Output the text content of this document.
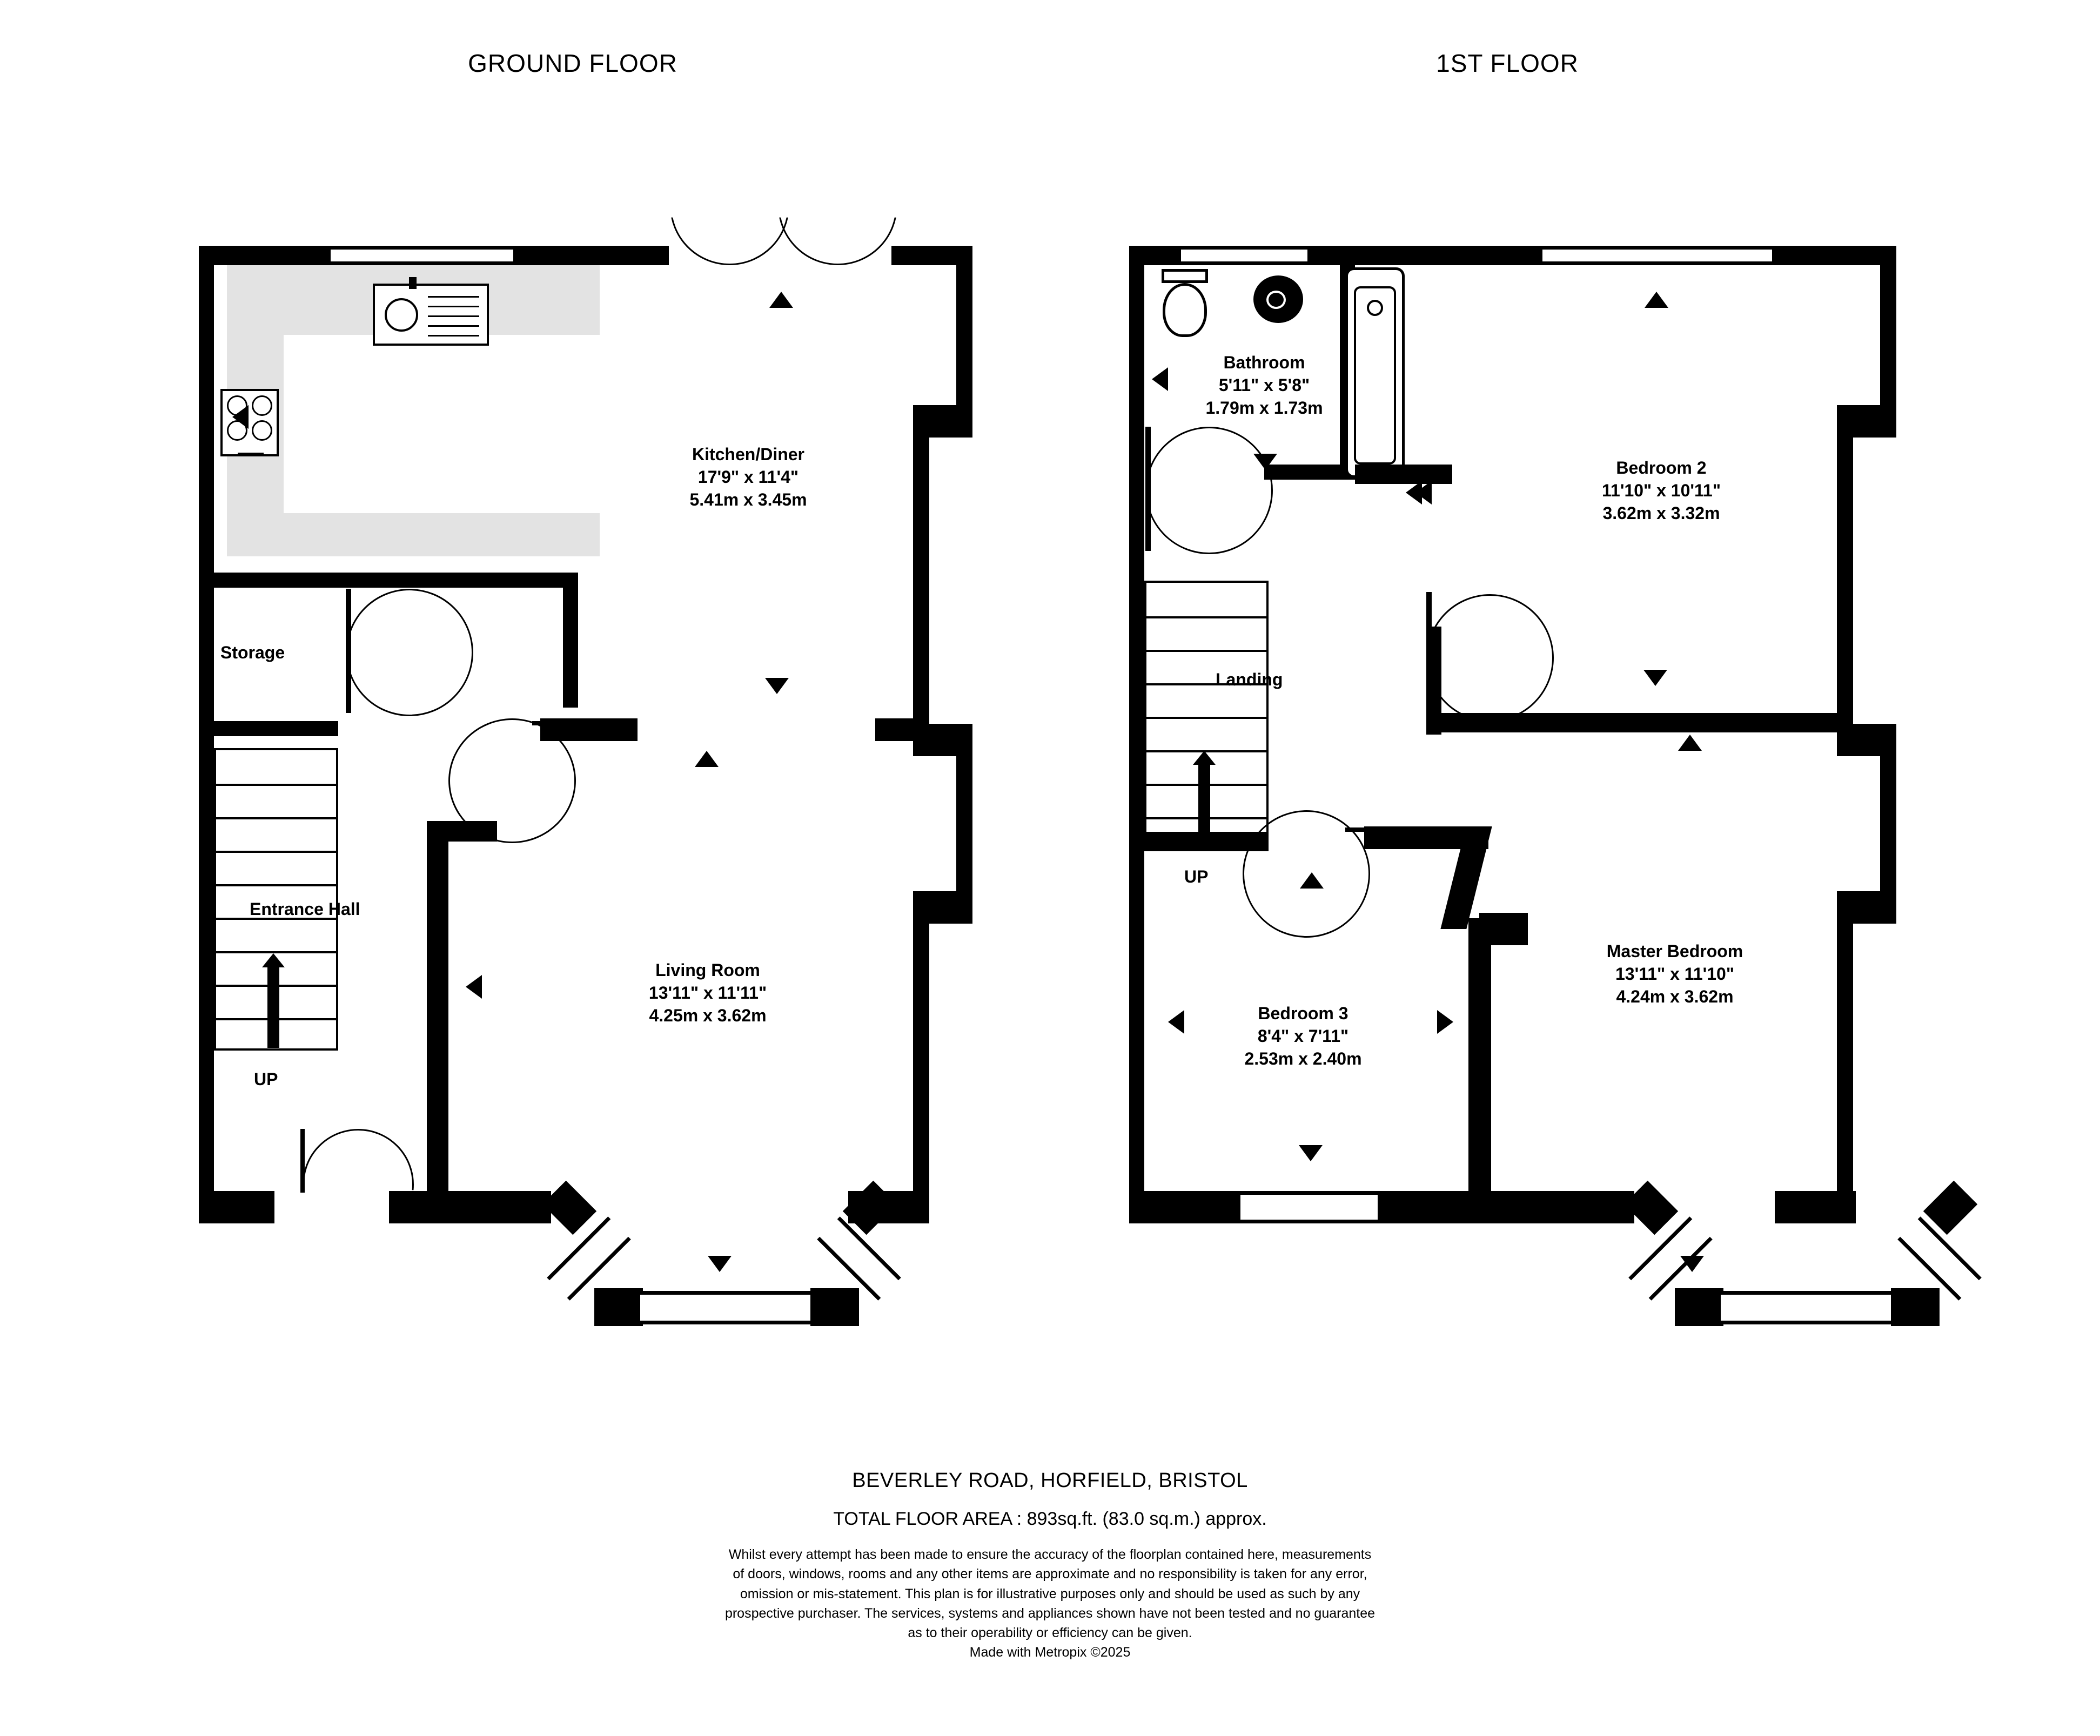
GROUND FLOOR	1ST FLOOR
Storage
UP
Entrance Hall
Kitchen/Diner
17'9" x 11'4"
5.41m x 3.45m
Living Room
13'11" x 11'11"
4.25m x 3.62m
UP
Landing
Bathroom
5'11" x 5'8"
1.79m x 1.73m
Bedroom 2
11'10" x 10'11"
3.62m x 3.32m
Master Bedroom
13'11" x 11'10"
4.24m x 3.62m
Bedroom 3
8'4" x 7'11"
2.53m x 2.40m
BEVERLEY ROAD, HORFIELD, BRISTOL
TOTAL FLOOR AREA : 893sq.ft. (83.0 sq.m.) approx.
Whilst every attempt has been made to ensure the accuracy of the floorplan contained here, measurements
of doors, windows, rooms and any other items are approximate and no responsibility is taken for any error,
omission or mis-statement. This plan is for illustrative purposes only and should be used as such by any
prospective purchaser. The services, systems and appliances shown have not been tested and no guarantee
as to their operability or efficiency can be given.
Made with Metropix ©2025
